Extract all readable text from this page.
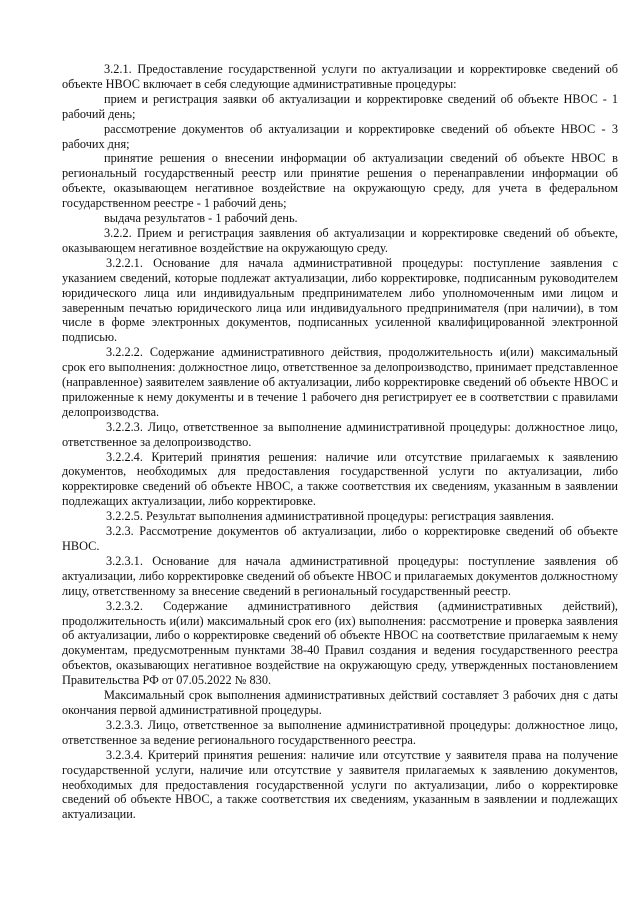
3.2.1. Предоставление государственной услуги по актуализации и корректировке сведений об объекте НВОС включает в себя следующие административные процедуры:

прием и регистрация заявки об актуализации и корректировке сведений об объекте НВОС - 1 рабочий день;

рассмотрение документов об актуализации и корректировке сведений об объекте НВОС - 3 рабочих дня;

принятие решения о внесении информации об актуализации сведений об объекте НВОС в региональный государственный реестр или принятие решения о перенаправлении информации об объекте, оказывающем негативное воздействие на окружающую среду, для учета в федеральном государственном реестре - 1 рабочий день;

выдача результатов - 1 рабочий день.

3.2.2. Прием и регистрация заявления об актуализации и корректировке сведений об объекте, оказывающем негативное воздействие на окружающую среду.

3.2.2.1. Основание для начала административной процедуры: поступление заявления с указанием сведений, которые подлежат актуализации, либо корректировке, подписанным руководителем юридического лица или индивидуальным предпринимателем либо уполномоченным ими лицом и заверенным печатью юридического лица или индивидуального предпринимателя (при наличии), в том числе в форме электронных документов, подписанных усиленной квалифицированной электронной подписью.

3.2.2.2. Содержание административного действия, продолжительность и(или) максимальный срок его выполнения: должностное лицо, ответственное за делопроизводство, принимает представленное (направленное) заявителем заявление об актуализации, либо корректировке сведений об объекте НВОС и приложенные к нему документы и в течение 1 рабочего дня регистрирует ее в соответствии с правилами делопроизводства.

3.2.2.3. Лицо, ответственное за выполнение административной процедуры: должностное лицо, ответственное за делопроизводство.

3.2.2.4. Критерий принятия решения: наличие или отсутствие прилагаемых к заявлению документов, необходимых для предоставления государственной услуги по актуализации, либо корректировке сведений об объекте НВОС, а также соответствия их сведениям, указанным в заявлении подлежащих актуализации, либо корректировке.

3.2.2.5. Результат выполнения административной процедуры: регистрация заявления.

3.2.3. Рассмотрение документов об актуализации, либо о корректировке сведений об объекте НВОС.

3.2.3.1. Основание для начала административной процедуры: поступление заявления об актуализации, либо корректировке сведений об объекте НВОС и прилагаемых документов должностному лицу, ответственному за внесение сведений в региональный государственный реестр.

3.2.3.2. Содержание административного действия (административных действий), продолжительность и(или) максимальный срок его (их) выполнения: рассмотрение и проверка заявления об актуализации, либо о корректировке сведений об объекте НВОС на соответствие прилагаемым к нему документам, предусмотренным пунктами 38-40 Правил создания и ведения государственного реестра объектов, оказывающих негативное воздействие на окружающую среду, утвержденных постановлением Правительства РФ от 07.05.2022 № 830.

Максимальный срок выполнения административных действий составляет 3 рабочих дня с даты окончания первой административной процедуры.

3.2.3.3. Лицо, ответственное за выполнение административной процедуры: должностное лицо, ответственное за ведение регионального государственного реестра.

3.2.3.4. Критерий принятия решения: наличие или отсутствие у заявителя права на получение государственной услуги, наличие или отсутствие у заявителя прилагаемых к заявлению документов, необходимых для предоставления государственной услуги по актуализации, либо о корректировке сведений об объекте НВОС, а также соответствия их сведениям, указанным в заявлении и подлежащих актуализации.
